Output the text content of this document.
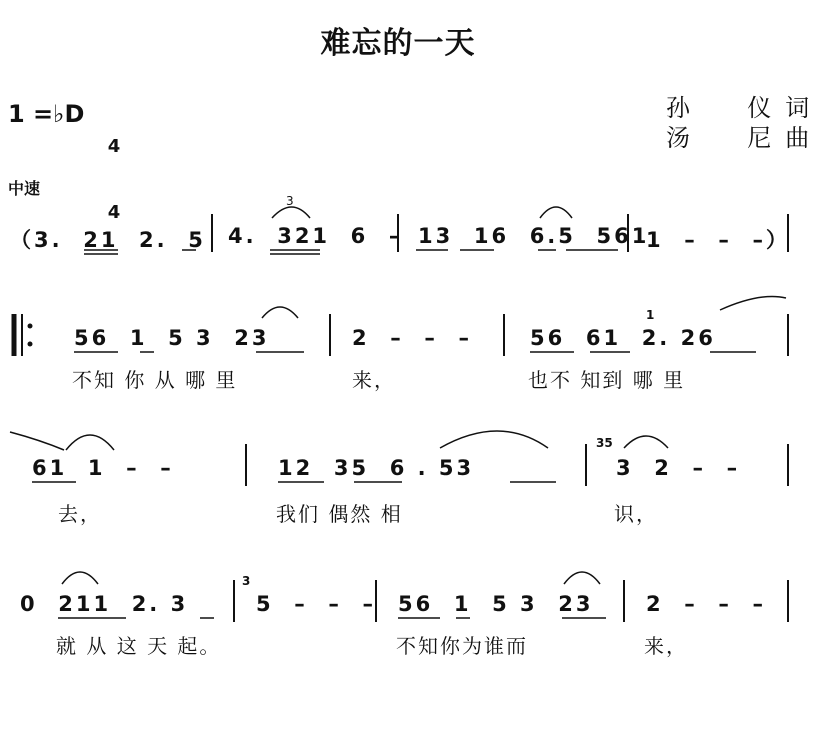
难忘的一天
1 =♭D

4

4

孙  仪词
汤  尼曲
中速
（3.  21  2.  5 4.  321  6  – 13  16  6.5  561
1  –  –  –）
3
56  1  5 3  23	2  –  –  –	56  61  2. 26
1
不知 你 从 哪 里	来，	也不 知到 哪 里
61  1  –  –	12  35  6 . 53	3  2  –  –
35
去，	我们 偶然 相	识，
0  211  2. 3	5  –  –  – 56  1  5 3  23	2  –  –  –
3
就 从 这 天 起。	不知你为谁而	来，
